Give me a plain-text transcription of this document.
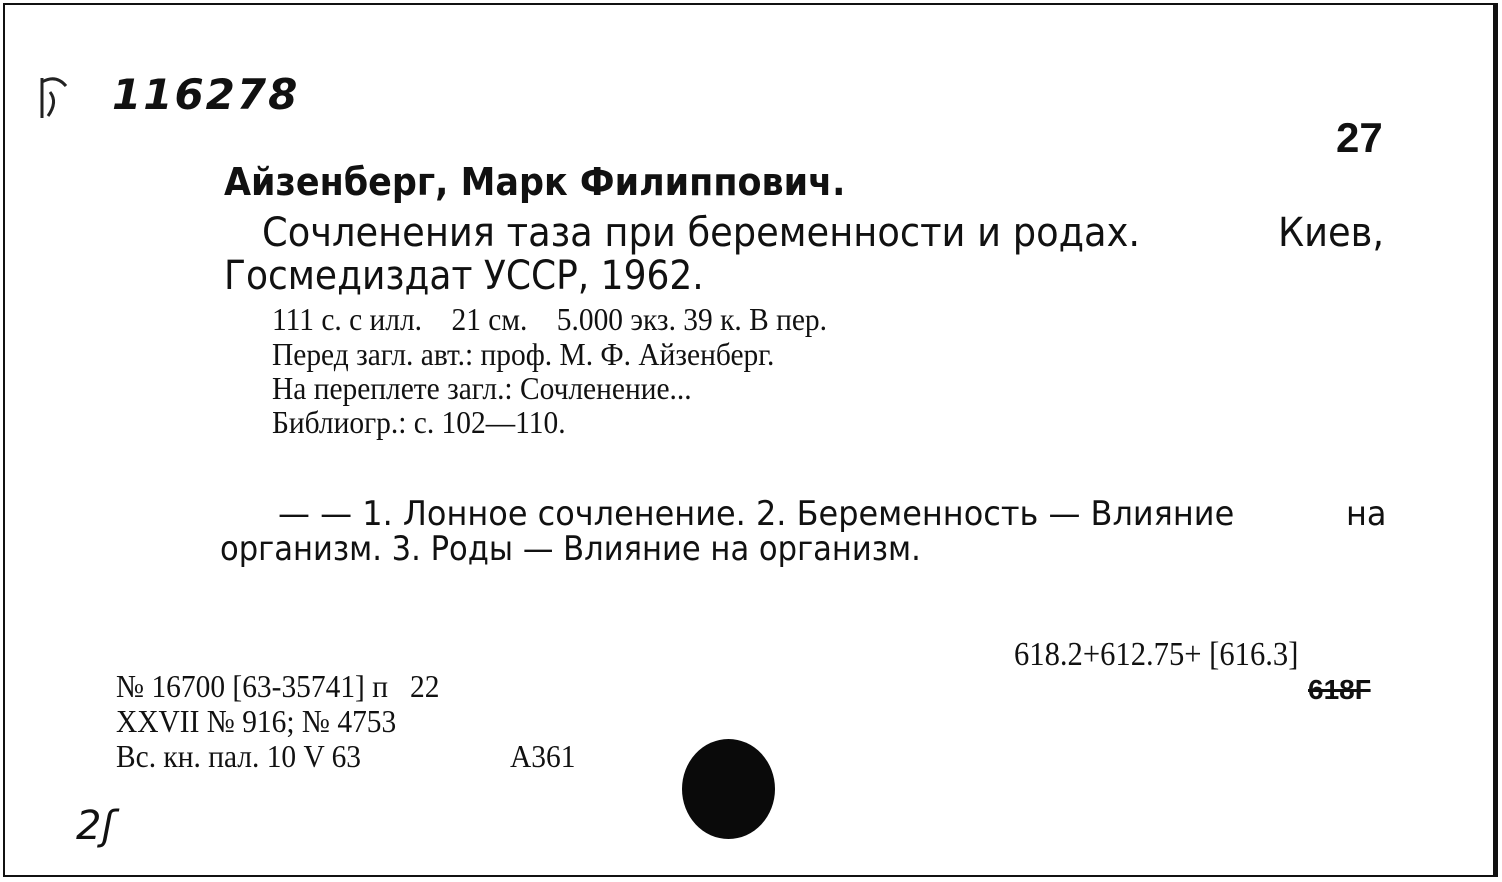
116278
27
Айзенберг, Марк Филиппович.
Сочленения таза при беременности и родах.	Киев,
Госмедиздат УССР, 1962.
111 с. с илл.    21 см.    5.000 экз. 39 к. В пер.
Перед загл. авт.: проф. М. Ф. Айзенберг.
На переплете загл.: Сочленение...
Библиогр.: с. 102—110.
— — 1. Лонное сочленение. 2. Беременность — Влияние	на
организм. 3. Роды — Влияние на организм.
618.2+612.75+ [616.3]
618Г
№ 16700 [63-35741] п   22
XXVII № 916; № 4753
Вс. кн. пал. 10 V 63	А361
2ʃ
